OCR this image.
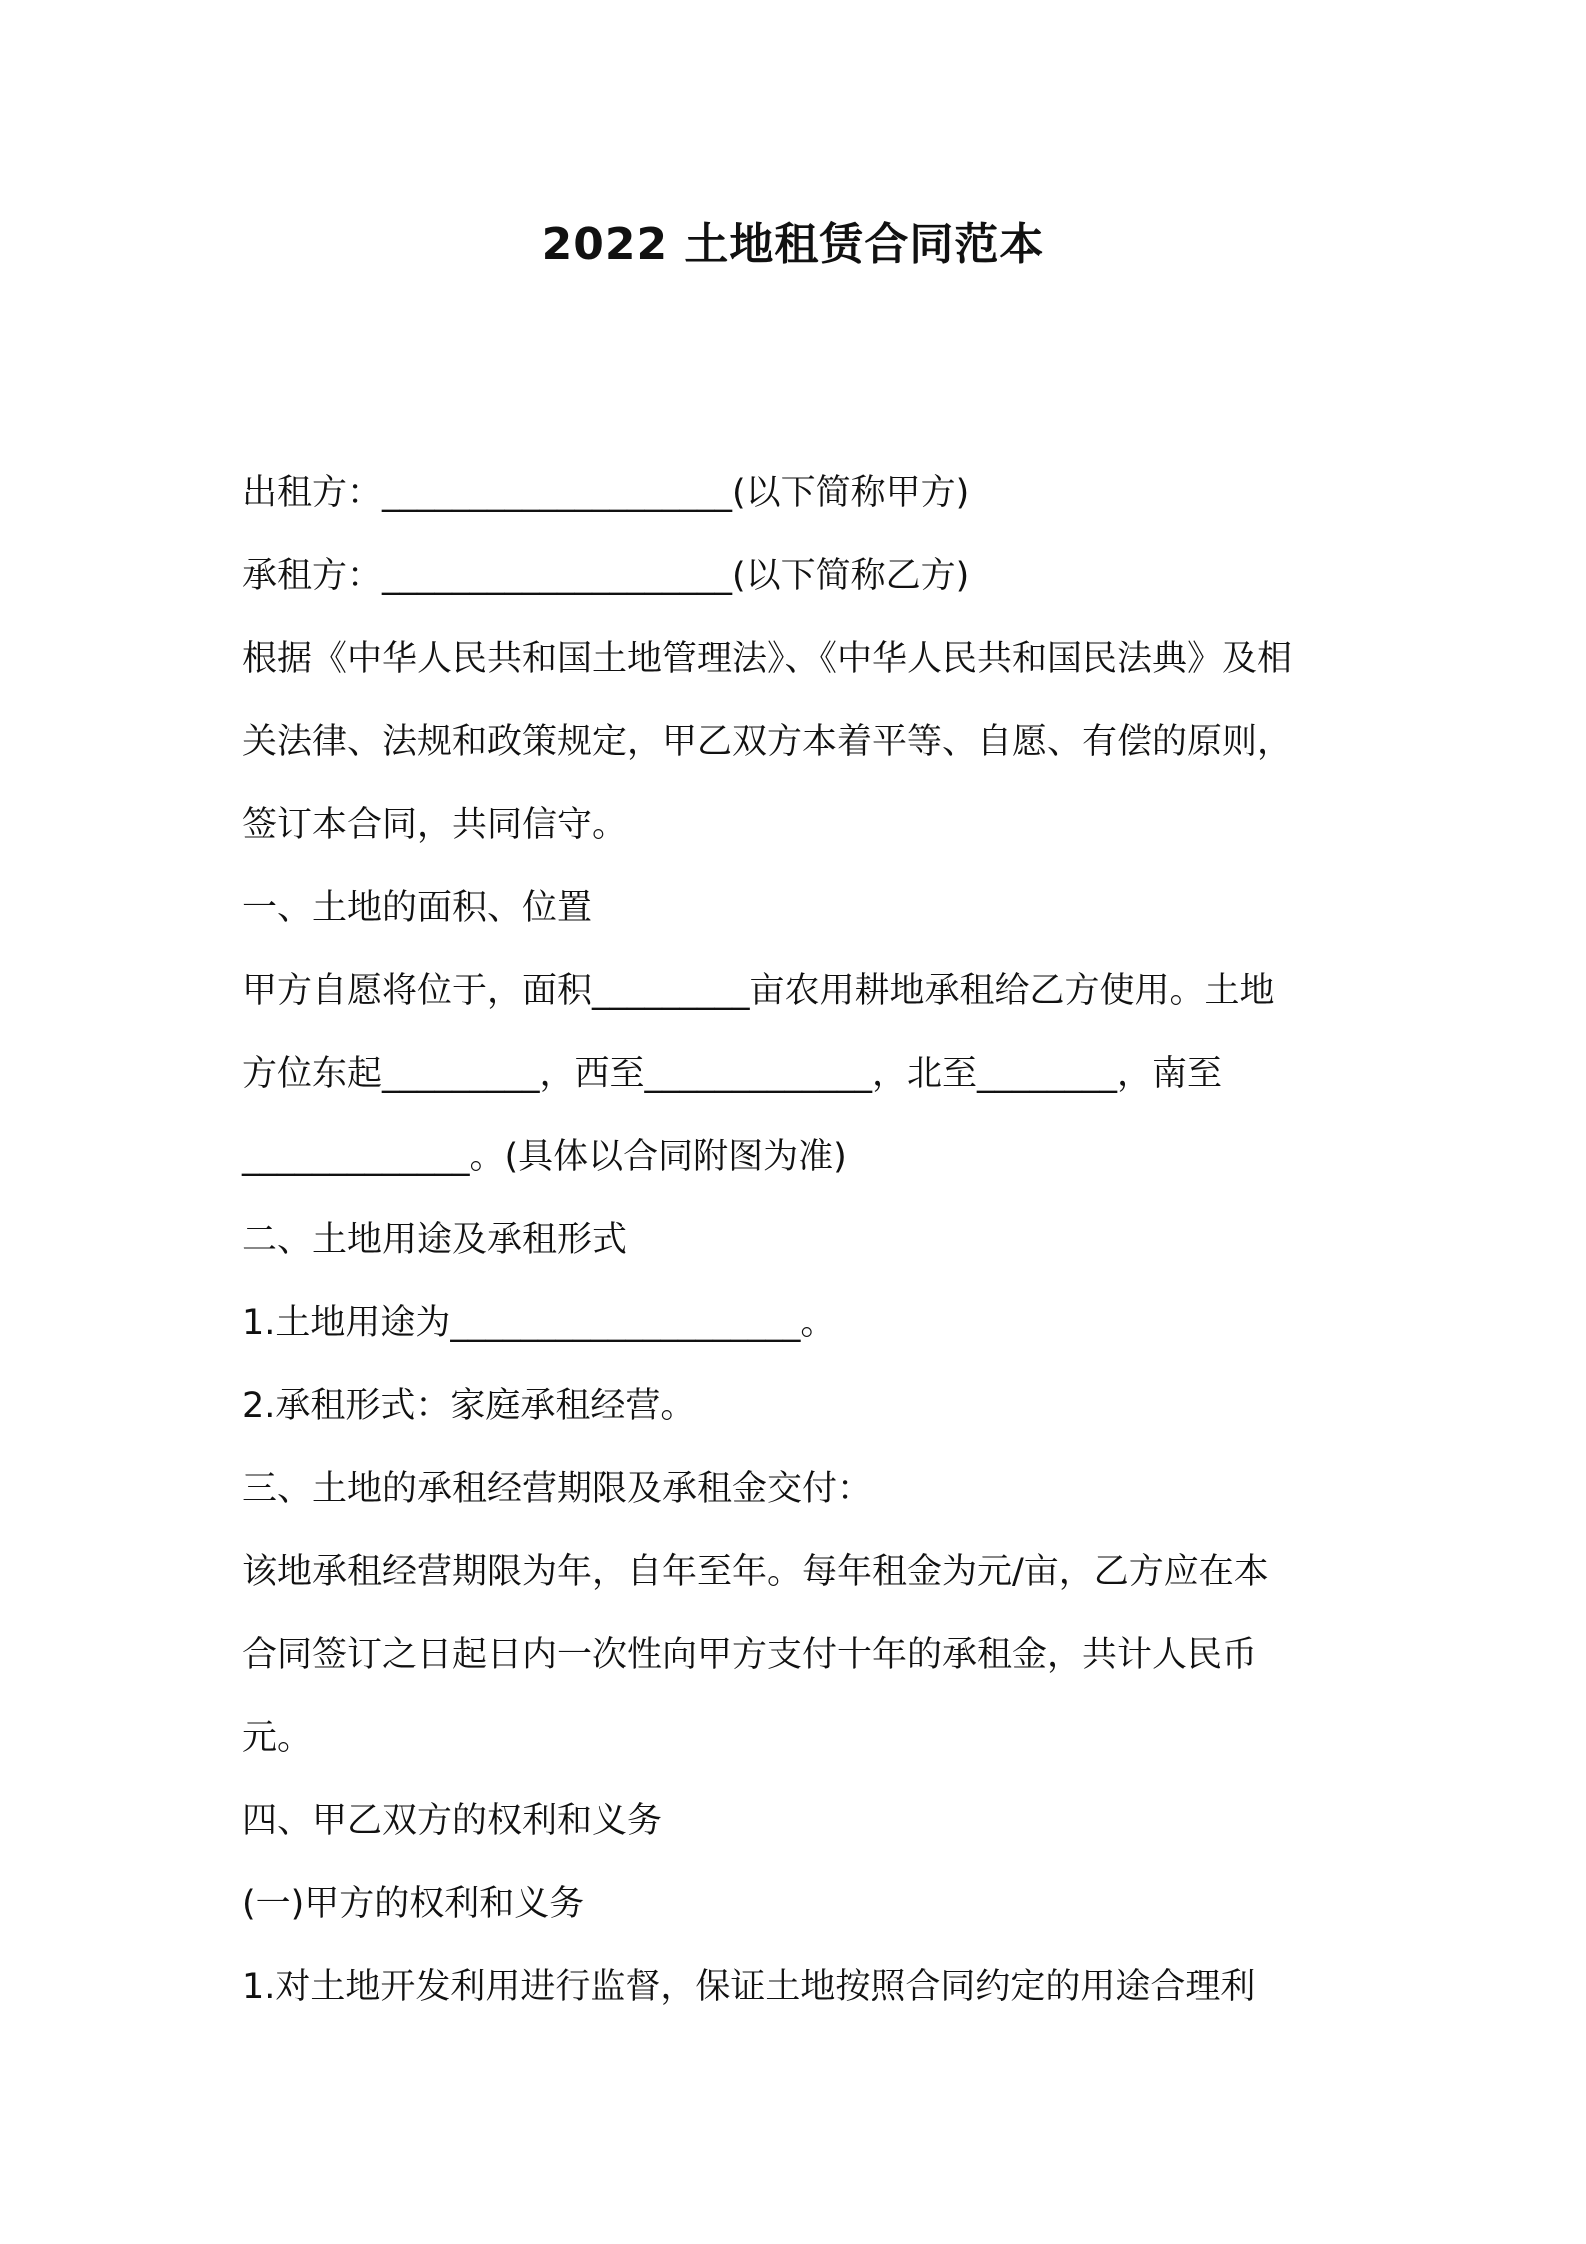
2022 土地租赁合同范本
出租方：____________________(以下简称甲方)
承租方：____________________(以下简称乙方)
根据《中华人民共和国土地管理法》、《中华人民共和国民法典》及相
关法律、法规和政策规定，甲乙双方本着平等、自愿、有偿的原则，
签订本合同，共同信守。
一、土地的面积、位置
甲方自愿将位于，面积_________亩农用耕地承租给乙方使用。土地
方位东起_________，西至_____________，北至________，南至
_____________。(具体以合同附图为准)
二、土地用途及承租形式
1.土地用途为____________________。
2.承租形式：家庭承租经营。
三、土地的承租经营期限及承租金交付：
该地承租经营期限为年，自年至年。每年租金为元/亩，乙方应在本
合同签订之日起日内一次性向甲方支付十年的承租金，共计人民币
元。
四、甲乙双方的权利和义务
(一)甲方的权利和义务
1.对土地开发利用进行监督，保证土地按照合同约定的用途合理利
